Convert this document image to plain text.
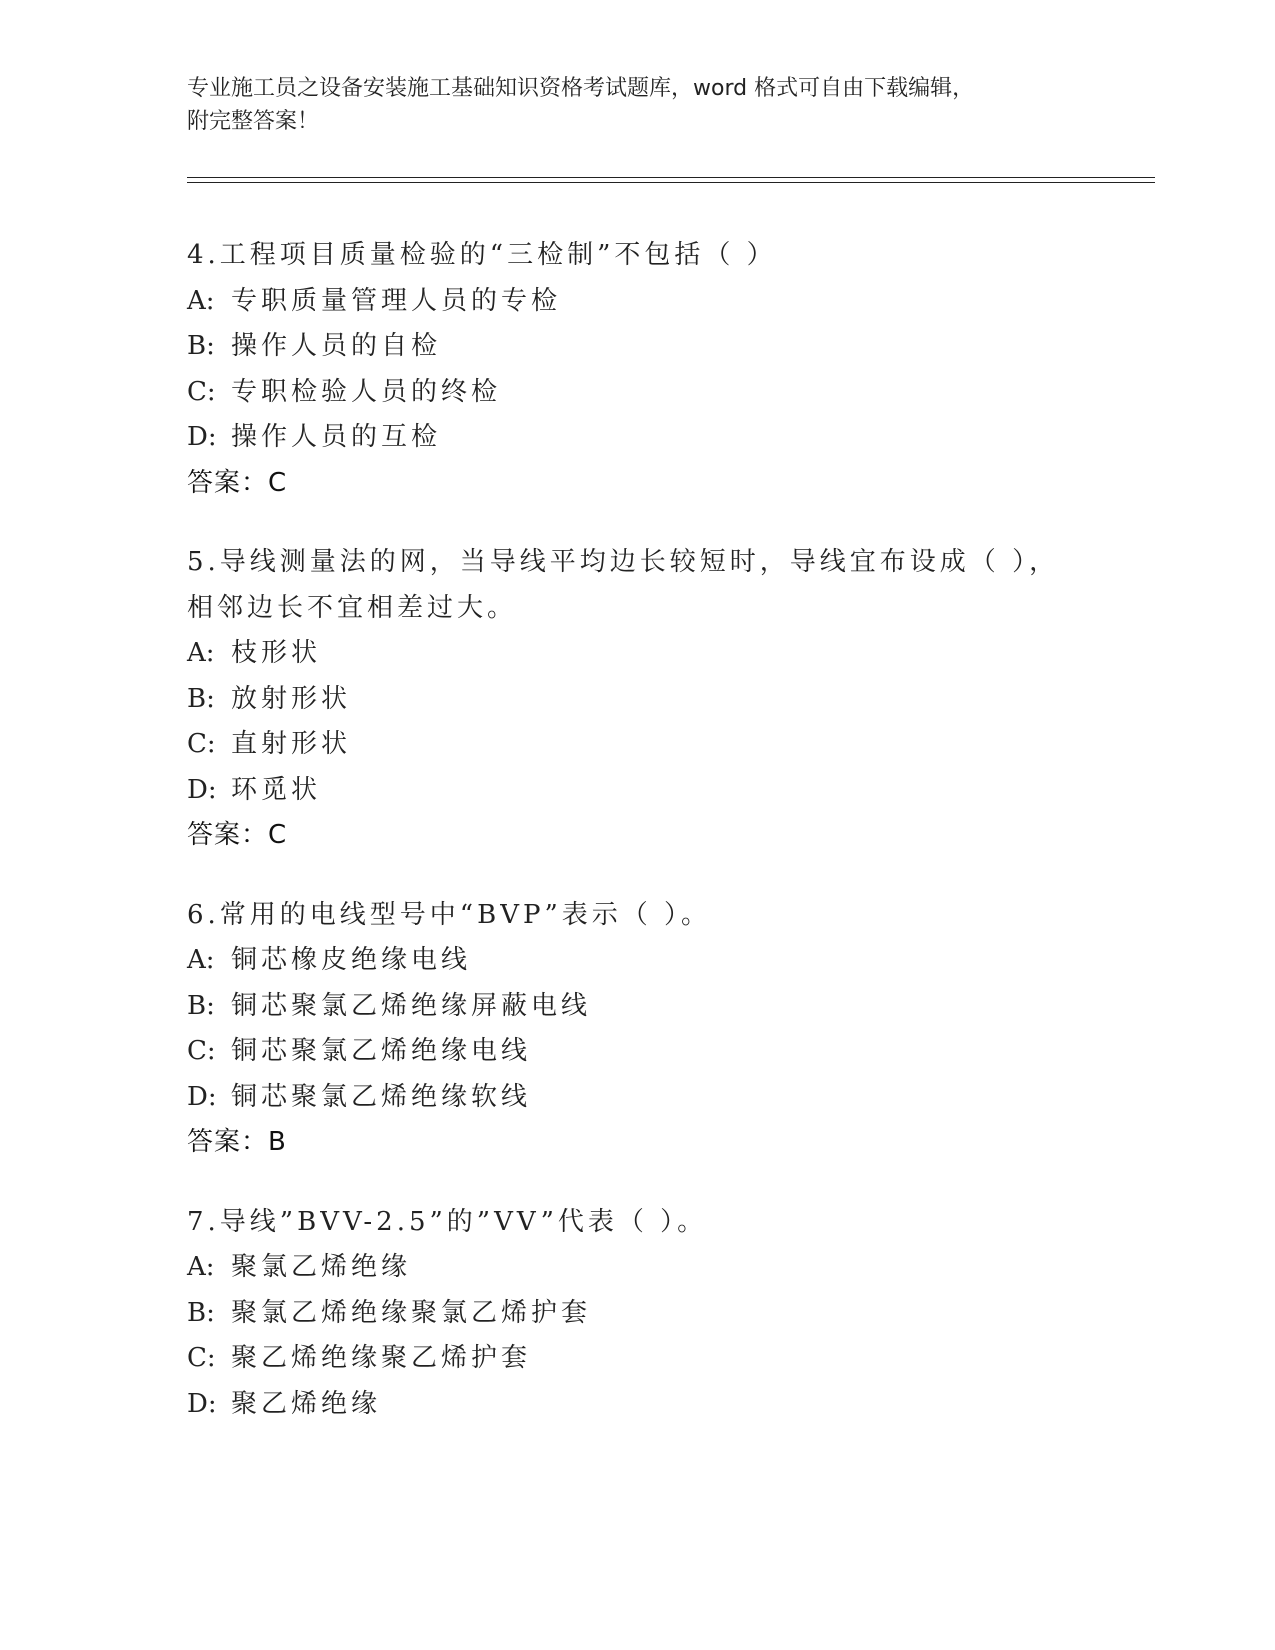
专业施工员之设备安装施工基础知识资格考试题库，word 格式可自由下载编辑，
附完整答案！
4.工程项目质量检验的“三检制”不包括（ ）
A: 专职质量管理人员的专检
B: 操作人员的自检
C: 专职检验人员的终检
D: 操作人员的互检
答案：C
5.导线测量法的网，当导线平均边长较短时，导线宜布设成（ ），相邻边长不宜相差过大。
A: 枝形状
B: 放射形状
C: 直射形状
D: 环觅状
答案：C
6.常用的电线型号中“BVP”表示（ ）。
A: 铜芯橡皮绝缘电线
B: 铜芯聚氯乙烯绝缘屏蔽电线
C: 铜芯聚氯乙烯绝缘电线
D: 铜芯聚氯乙烯绝缘软线
答案：B
7.导线”BVV-2.5”的”VV”代表（ ）。
A: 聚氯乙烯绝缘
B: 聚氯乙烯绝缘聚氯乙烯护套
C: 聚乙烯绝缘聚乙烯护套
D: 聚乙烯绝缘
